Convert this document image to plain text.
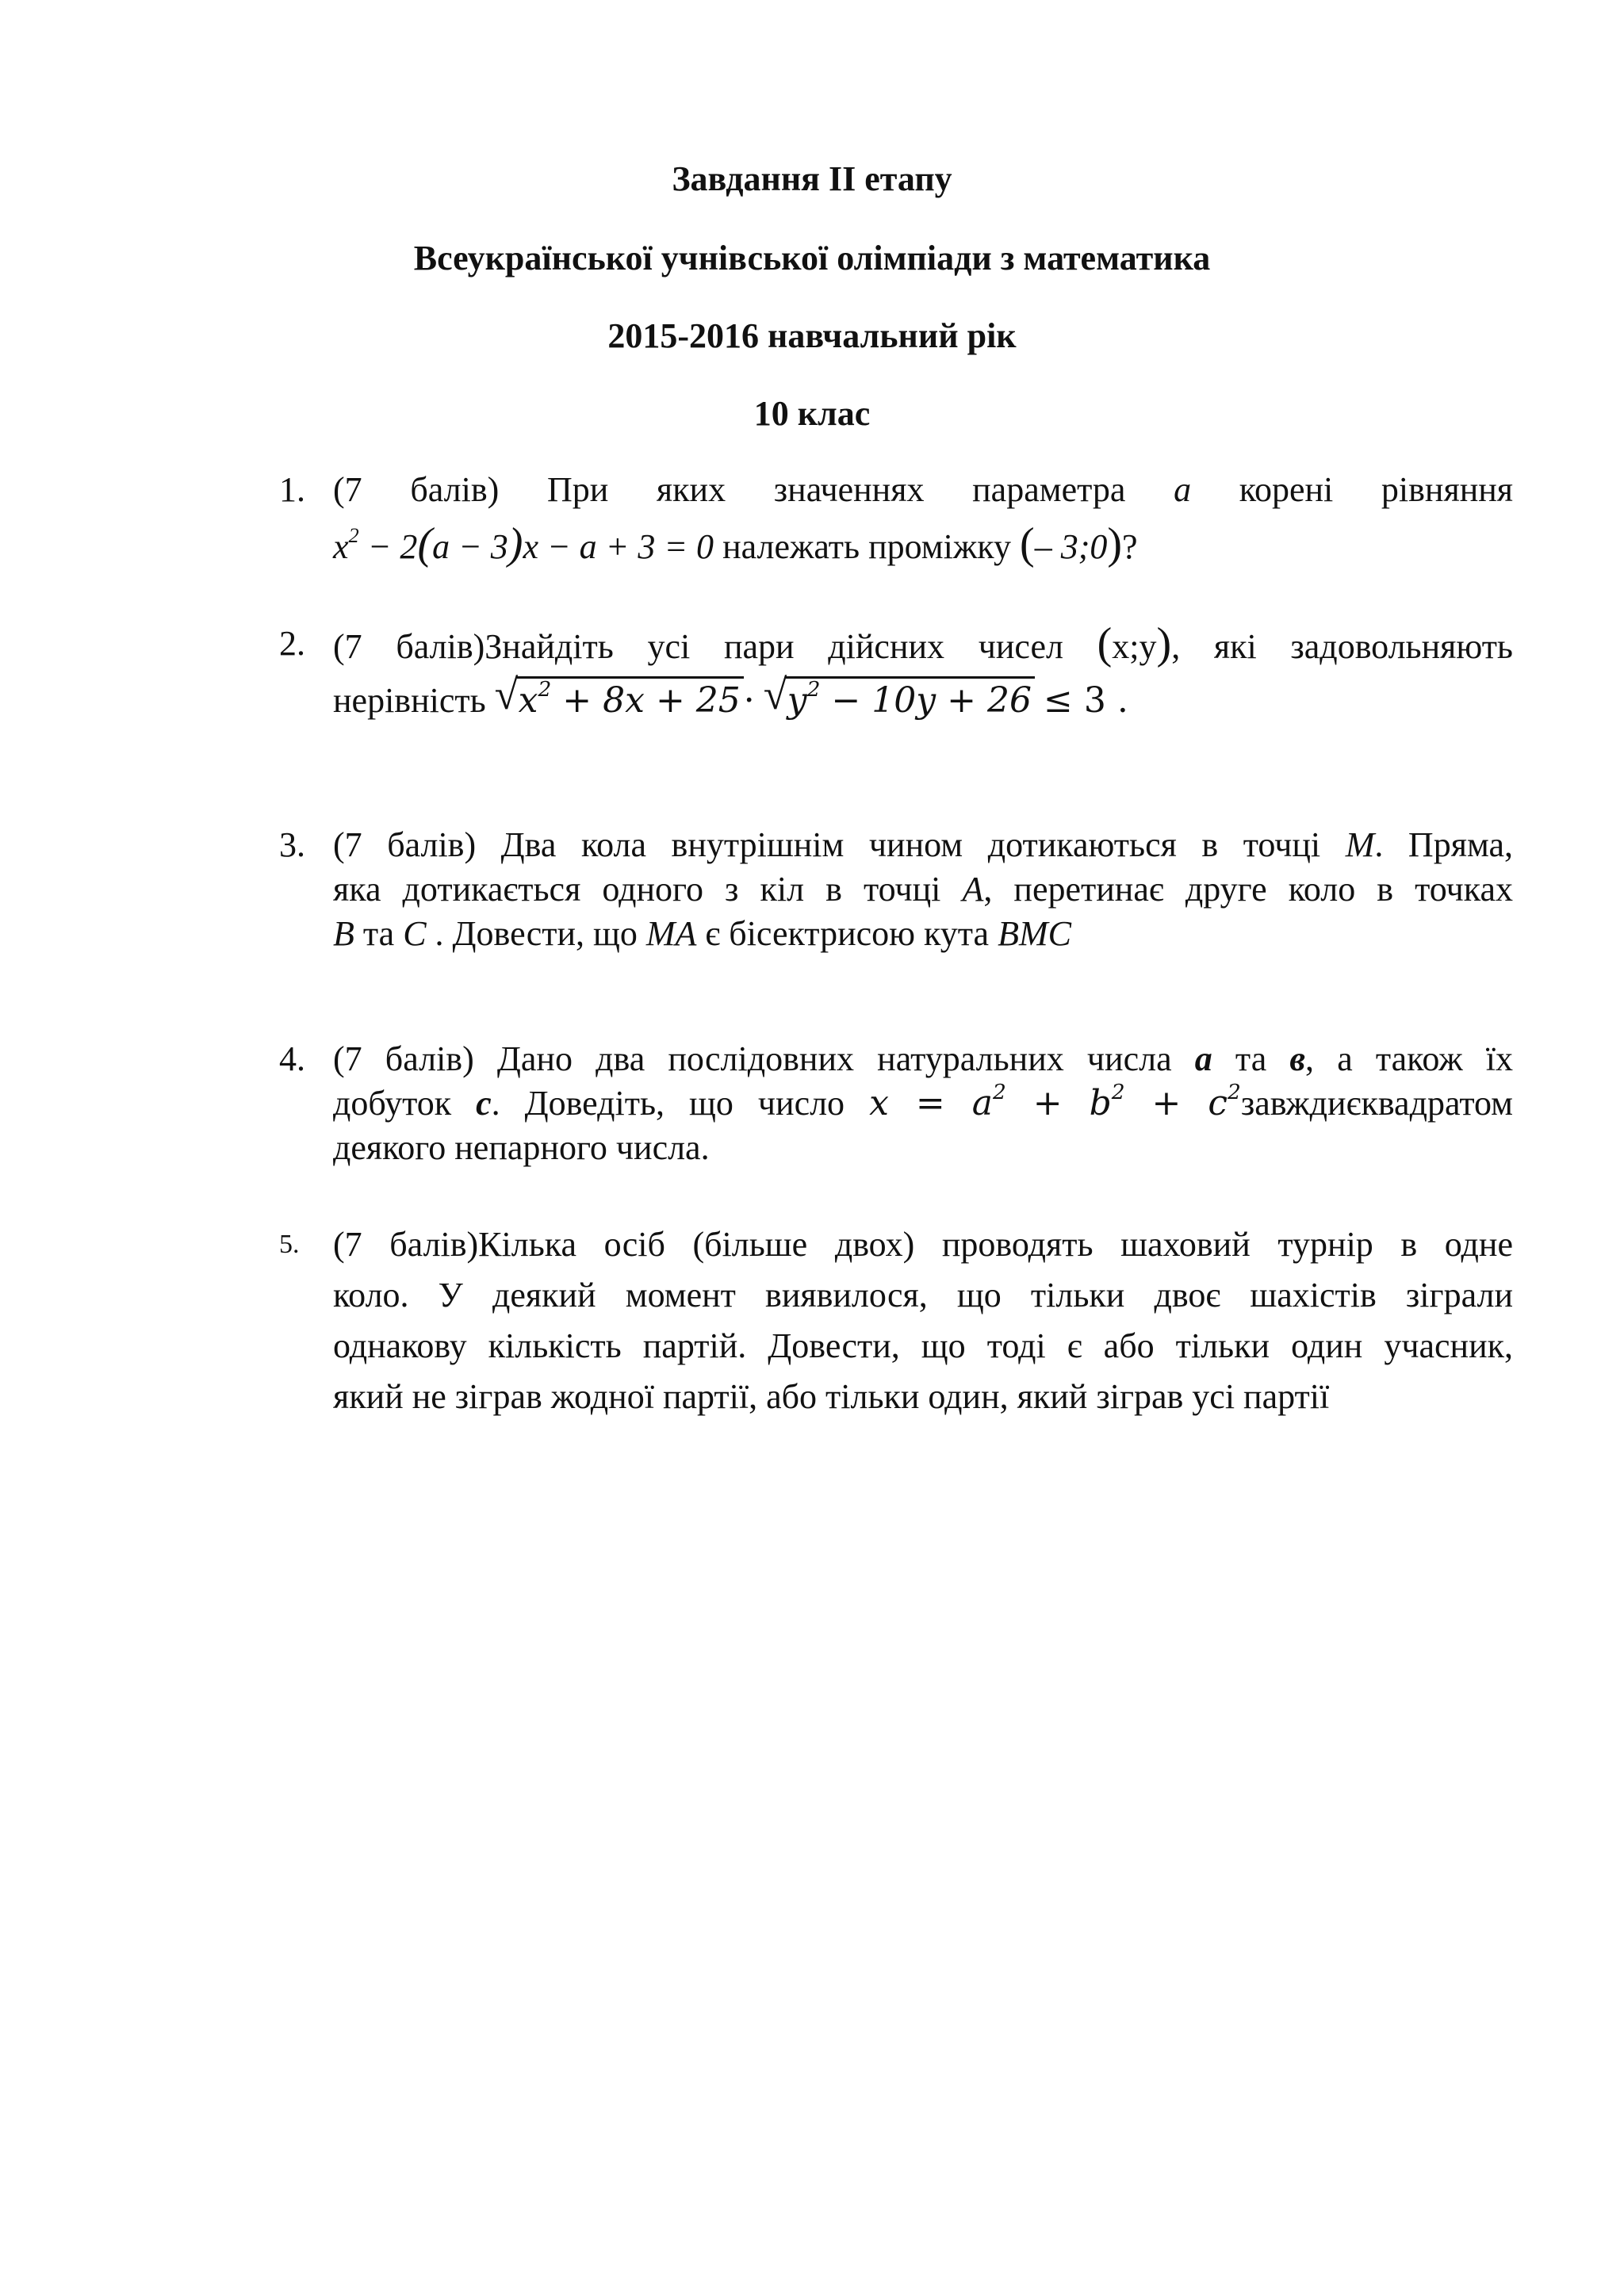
Завдання ІІ етапу
Всеукраїнської учнівської олімпіади з математика
2015-2016 навчальний рік
10 клас
1. (7 балів) При яких значеннях параметра a корені рівняння
$x^2 - 2(a - 3)x - a + 3 = 0$ належать проміжку (– 3;0)?
2. (7 балів)Знайдіть усі пари дійсних чисел (x;y), які задовольняють
нерівність √ $x^2 + 8x + 25\cdot$ √ $y^2 - 10y + 26 \le 3$ .
3. (7 балів) Два кола внутрішнім чином дотикаються в точці M. Пряма,
яка дотикається одного з кіл в точці A, перетинає друге коло в точках
B та C . Довести, що MA є бісектрисою кута BMC
4. (7 балів) Дано два послідовних натуральних числа а та в, а також їх
добуток с. Доведіть, що число $x = a^2 + b^2$ + $c^2завждиєквадратом$
деякого непарного числа.
5. (7 балів)Кілька осіб (більше двох) проводять шаховий турнір в одне
коло. У деякий момент виявилося, що тільки двоє шахістів зіграли
однакову кількість партій. Довести, що тоді є або тільки один учасник,
який не зіграв жодної партії, або тільки один, який зіграв усі партії
